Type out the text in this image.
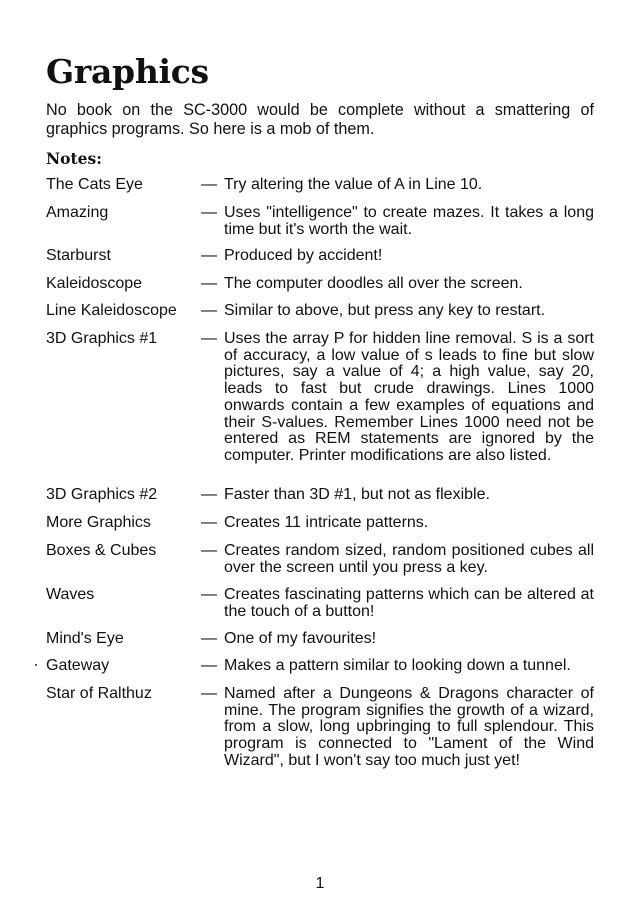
Graphics

No book on the SC-3000 would be complete without a smattering of graphics programs. So here is a mob of them.

Notes:

The Cats Eye	— Try altering the value of A in Line 10.
Amazing	— Uses "intelligence" to create mazes. It takes a long time but it's worth the wait.
Starburst	— Produced by accident!
Kaleidoscope	— The computer doodles all over the screen.
Line Kaleidoscope	— Similar to above, but press any key to restart.
3D Graphics #1	— Uses the array P for hidden line removal. S is a sort of accuracy, a low value of s leads to fine but slow pictures, say a value of 4; a high value, say 20, leads to fast but crude drawings. Lines 1000 onwards contain a few examples of equations and their S-values. Remember Lines 1000 need not be entered as REM statements are ignored by the computer. Printer modifications are also listed.
3D Graphics #2	— Faster than 3D #1, but not as flexible.
More Graphics	— Creates 11 intricate patterns.
Boxes & Cubes	— Creates random sized, random positioned cubes all over the screen until you press a key.
Waves	— Creates fascinating patterns which can be altered at the touch of a button!
Mind's Eye	— One of my favourites!
Gateway	— Makes a pattern similar to looking down a tunnel.
Star of Ralthuz	— Named after a Dungeons & Dragons character of mine. The program signifies the growth of a wizard, from a slow, long upbringing to full splendour. This program is connected to "Lament of the Wind Wizard", but I won't say too much just yet!
1
